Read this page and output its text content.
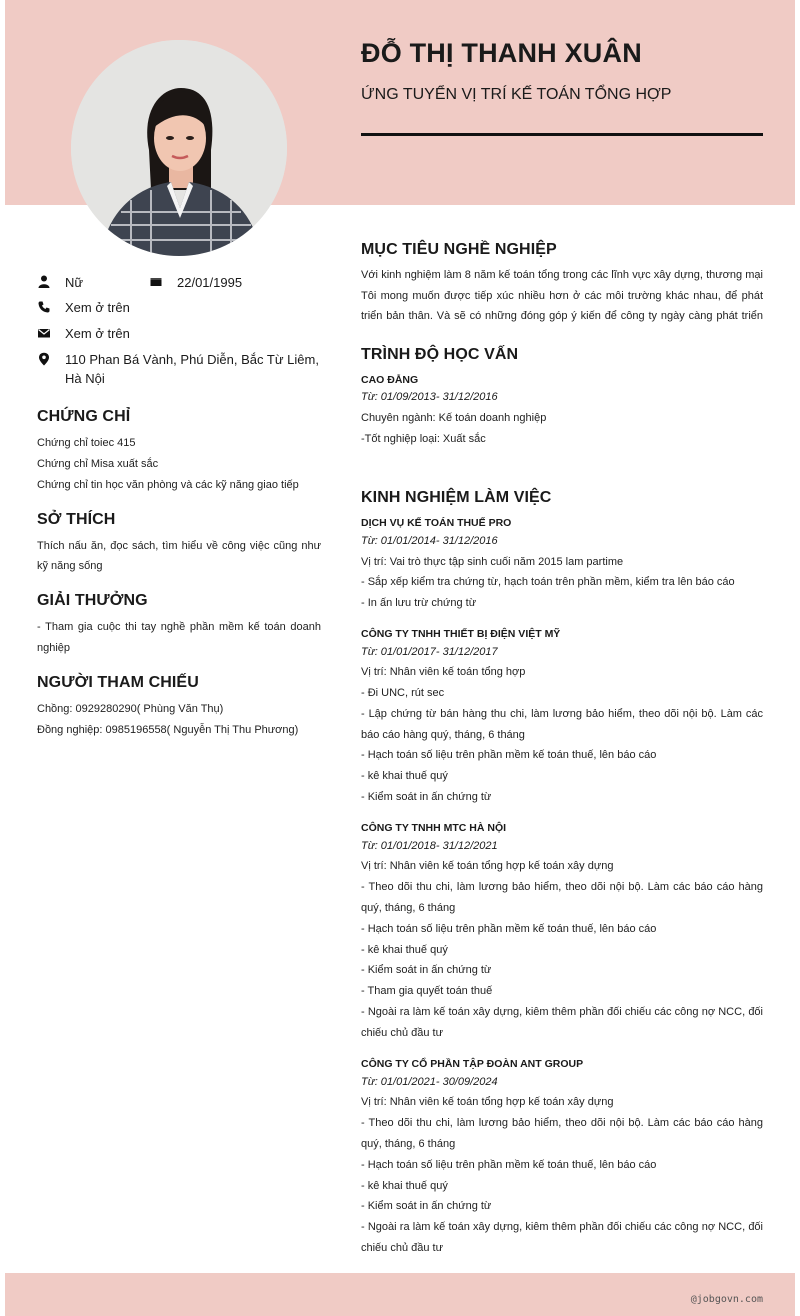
ĐỖ THỊ THANH XUÂN
ỨNG TUYỂN VỊ TRÍ KẾ TOÁN TỔNG HỢP
Nữ	22/01/1995
Xem ở trên
Xem ở trên
110 Phan Bá Vành, Phú Diễn, Bắc Từ Liêm,
Hà Nội
CHỨNG CHỈ
Chứng chỉ toiec 415
Chứng chỉ Misa xuất sắc
Chứng chỉ tin học văn phòng và các kỹ năng giao tiếp
SỞ THÍCH
Thích nấu ăn, đọc sách, tìm hiểu về công việc cũng như
kỹ năng sống
GIẢI THƯỞNG
- Tham gia cuộc thi tay nghề phần mềm kế toán doanh
nghiệp
NGƯỜI THAM CHIẾU
Chồng: 0929280290( Phùng Văn Thụ)
Đồng nghiệp: 0985196558( Nguyễn Thị Thu Phương)
MỤC TIÊU NGHỀ NGHIỆP
Với kinh nghiệm làm 8 năm kế toán tổng trong các lĩnh vực xây dựng, thương mại
Tôi mong muốn được tiếp xúc nhiều hơn ở các môi trường khác nhau, để phát
triển bản thân. Và sẽ có những đóng góp ý kiến để công ty ngày càng phát triển
TRÌNH ĐỘ HỌC VẤN
CAO ĐẲNG
Từ: 01/09/2013- 31/12/2016
Chuyên ngành: Kế toán doanh nghiệp
-Tốt nghiệp loại: Xuất sắc
KINH NGHIỆM LÀM VIỆC
DỊCH VỤ KẾ TOÁN THUẾ PRO
Từ: 01/01/2014- 31/12/2016
Vị trí: Vai trò thực tập sinh cuối năm 2015 lam partime
- Sắp xếp kiểm tra chứng từ, hạch toán trên phần mềm, kiểm tra lên báo cáo
- In ấn lưu trừ chứng từ
CÔNG TY TNHH THIẾT BỊ ĐIỆN VIỆT MỸ
Từ: 01/01/2017- 31/12/2017
Vị trí: Nhân viên kế toán tổng hợp
- Đi UNC, rút sec
- Lập chứng từ bán hàng thu chi, làm lương bảo hiểm, theo dõi nội bộ. Làm các
báo cáo hàng quý, tháng, 6 tháng
- Hạch toán số liệu trên phần mềm kế toán thuế, lên báo cáo
- kê khai thuế quý
- Kiểm soát in ấn chứng từ
CÔNG TY TNHH MTC HÀ NỘI
Từ: 01/01/2018- 31/12/2021
Vị trí: Nhân viên kế toán tổng hợp kế toán xây dựng
- Theo dõi thu chi, làm lương bảo hiểm, theo dõi nội bộ. Làm các báo cáo hàng
quý, tháng, 6 tháng
- Hạch toán số liệu trên phần mềm kế toán thuế, lên báo cáo
- kê khai thuế quý
- Kiểm soát in ấn chứng từ
- Tham gia quyết toán thuế
- Ngoài ra làm kế toán xây dựng, kiêm thêm phần đối chiếu các công nợ NCC, đối
chiếu chủ đầu tư
CÔNG TY CỔ PHẦN TẬP ĐOÀN ANT GROUP
Từ: 01/01/2021- 30/09/2024
Vị trí: Nhân viên kế toán tổng hợp kế toán xây dựng
- Theo dõi thu chi, làm lương bảo hiểm, theo dõi nội bộ. Làm các báo cáo hàng
quý, tháng, 6 tháng
- Hạch toán số liệu trên phần mềm kế toán thuế, lên báo cáo
- kê khai thuế quý
- Kiểm soát in ấn chứng từ
- Ngoài ra làm kế toán xây dựng, kiêm thêm phần đối chiếu các công nợ NCC, đối
chiếu chủ đầu tư
@jobgovn.com
